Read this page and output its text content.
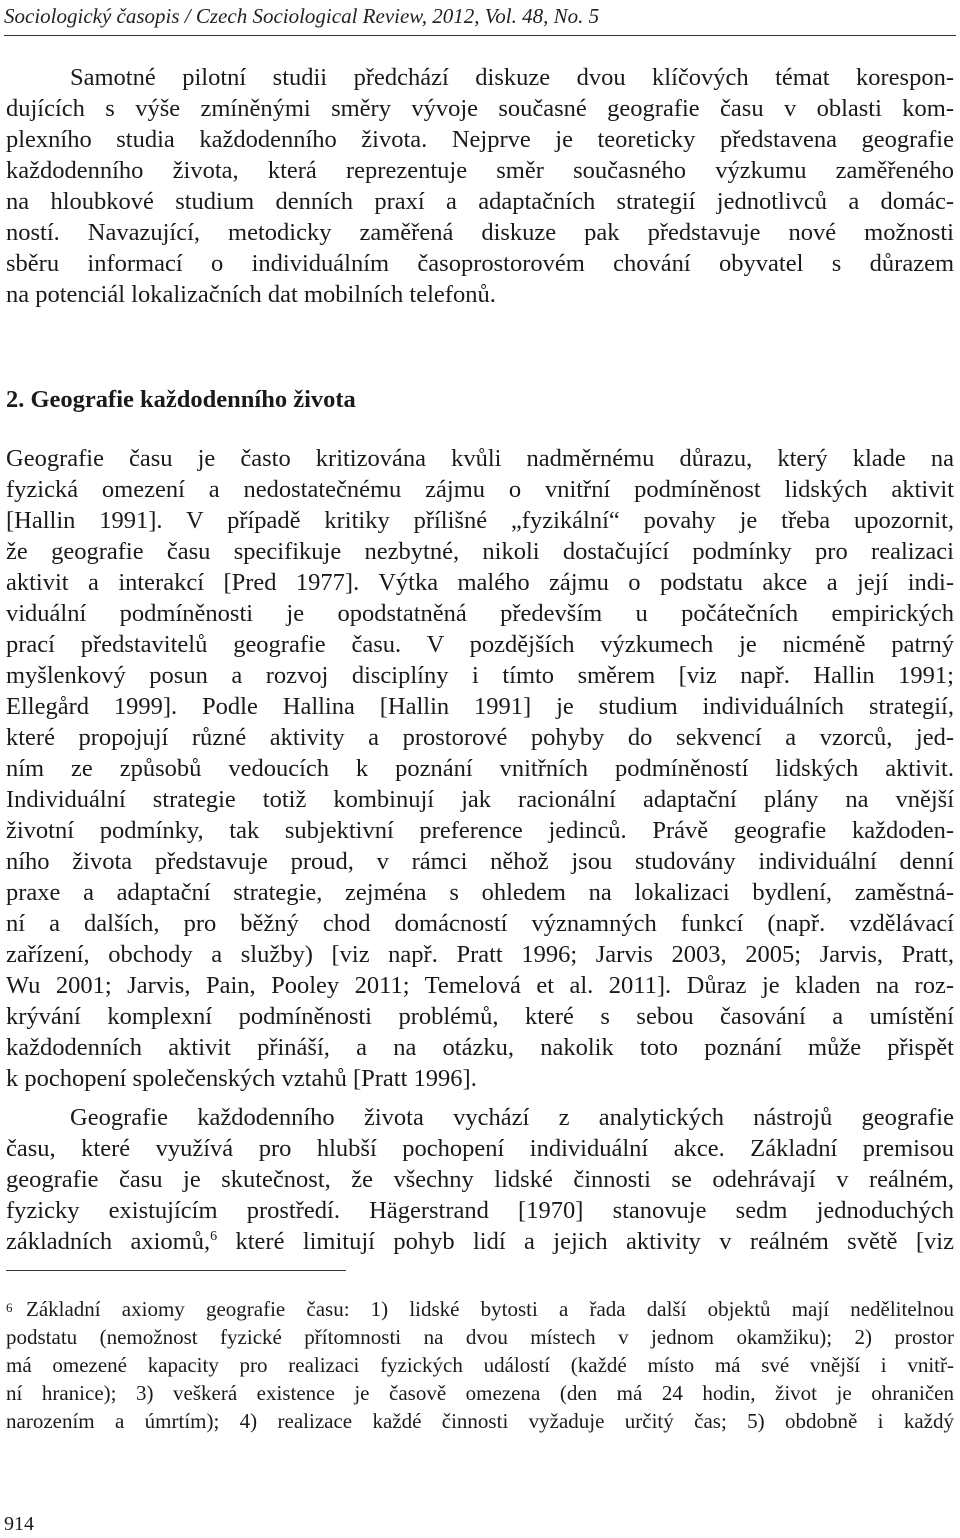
Sociologický časopis / Czech Sociological Review, 2012, Vol. 48, No. 5
Samotné pilotní studii předchází diskuze dvou klíčových témat korespon-
dujících s výše zmíněnými směry vývoje současné geografie času v oblasti kom-
plexního studia každodenního života. Nejprve je teoreticky představena geografie
každodenního života, která reprezentuje směr současného výzkumu zaměřeného
na hloubkové studium denních praxí a adaptačních strategií jednotlivců a domác-
ností. Navazující, metodicky zaměřená diskuze pak představuje nové možnosti
sběru informací o individuálním časoprostorovém chování obyvatel s důrazem
na potenciál lokalizačních dat mobilních telefonů.
2. Geografie každodenního života
Geografie času je často kritizována kvůli nadměrnému důrazu, který klade na
fyzická omezení a nedostatečnému zájmu o vnitřní podmíněnost lidských aktivit
[Hallin 1991]. V případě kritiky přílišné „fyzikální“ povahy je třeba upozornit,
že geografie času specifikuje nezbytné, nikoli dostačující podmínky pro realizaci
aktivit a interakcí [Pred 1977]. Výtka malého zájmu o podstatu akce a její indi-
viduální podmíněnosti je opodstatněná především u počátečních empirických
prací představitelů geografie času. V pozdějších výzkumech je nicméně patrný
myšlenkový posun a rozvoj disciplíny i tímto směrem [viz např. Hallin 1991;
Ellegård 1999]. Podle Hallina [Hallin 1991] je studium individuálních strategií,
které propojují různé aktivity a prostorové pohyby do sekvencí a vzorců, jed-
ním ze způsobů vedoucích k poznání vnitřních podmíněností lidských aktivit.
Individuální strategie totiž kombinují jak racionální adaptační plány na vnější
životní podmínky, tak subjektivní preference jedinců. Právě geografie každoden-
ního života představuje proud, v rámci něhož jsou studovány individuální denní
praxe a adaptační strategie, zejména s ohledem na lokalizaci bydlení, zaměstná-
ní a dalších, pro běžný chod domácností významných funkcí (např. vzdělávací
zařízení, obchody a služby) [viz např. Pratt 1996; Jarvis 2003, 2005; Jarvis, Pratt,
Wu 2001; Jarvis, Pain, Pooley 2011; Temelová et al. 2011]. Důraz je kladen na roz-
krývání komplexní podmíněnosti problémů, které s sebou časování a umístění
každodenních aktivit přináší, a na otázku, nakolik toto poznání může přispět
k pochopení společenských vztahů [Pratt 1996].
Geografie každodenního života vychází z analytických nástrojů geografie
času, které využívá pro hlubší pochopení individuální akce. Základní premisou
geografie času je skutečnost, že všechny lidské činnosti se odehrávají v reálném,
fyzicky existujícím prostředí. Hägerstrand [1970] stanovuje sedm jednoduchých
základních axiomů,$^6$ které limitují pohyb lidí a jejich aktivity v reálném světě [viz
6 Základní axiomy geografie času: 1) lidské bytosti a řada další objektů mají nedělitelnou
podstatu (nemožnost fyzické přítomnosti na dvou místech v jednom okamžiku); 2) prostor
má omezené kapacity pro realizaci fyzických událostí (každé místo má své vnější i vnitř-
ní hranice); 3) veškerá existence je časově omezena (den má 24 hodin, život je ohraničen
narozením a úmrtím); 4) realizace každé činnosti vyžaduje určitý čas; 5) obdobně i každý
914
